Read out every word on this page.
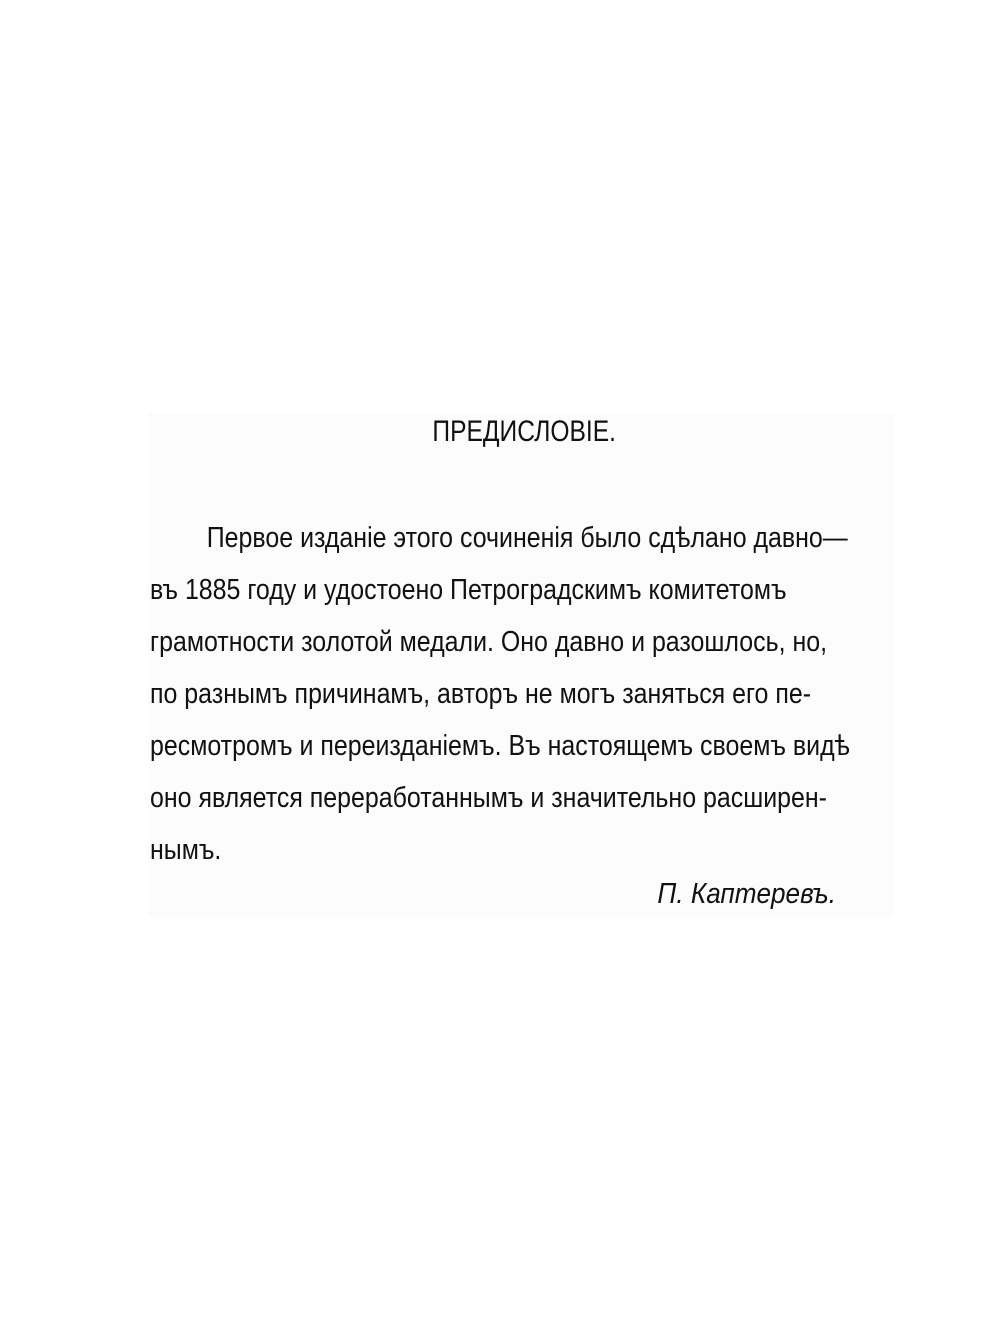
ПРЕДИСЛОВІЕ.
Первое изданіе этого сочиненія было сдѣлано давно—
въ 1885 году и удостоено Петроградскимъ комитетомъ
грамотности золотой медали. Оно давно и разошлось, но,
по разнымъ причинамъ, авторъ не могъ заняться его пе-
ресмотромъ и переизданіемъ. Въ настоящемъ своемъ видѣ
оно является переработаннымъ и значительно расширен-
нымъ.
П. Каптеревъ.
